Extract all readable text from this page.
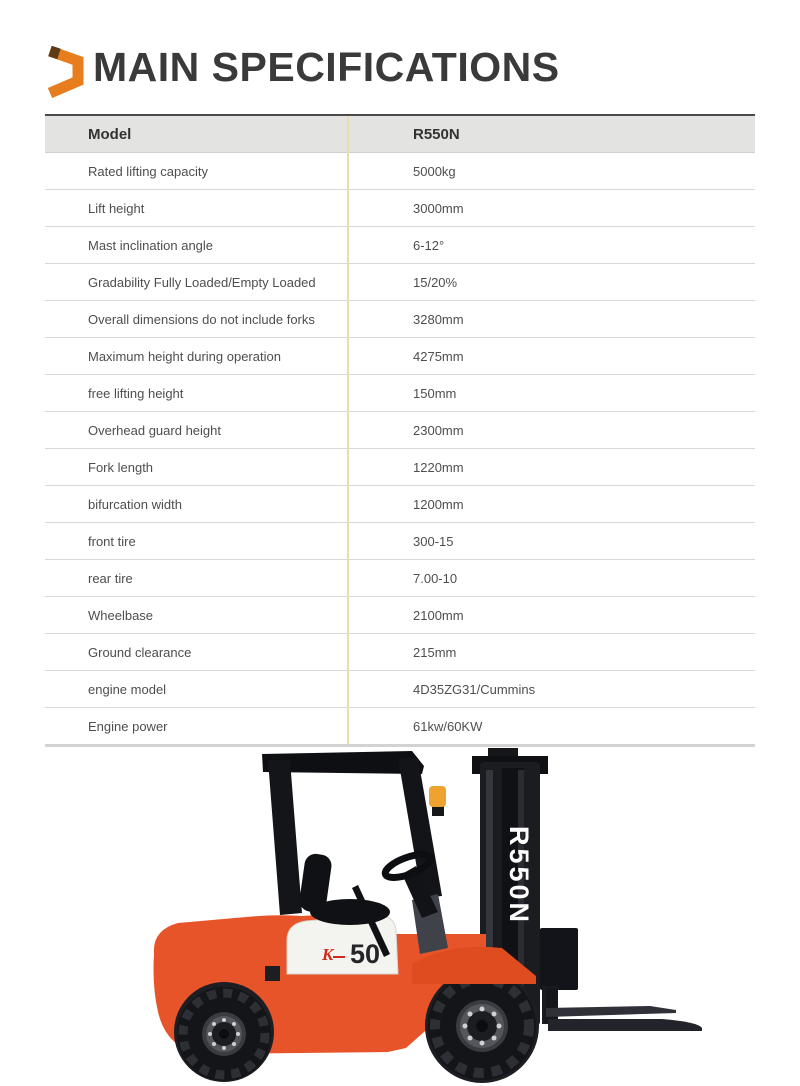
MAIN SPECIFICATIONS
Model	R550N
Rated lifting capacity	5000kg
Lift height	3000mm
Mast inclination angle	6-12°
Gradability Fully Loaded/Empty Loaded	15/20%
Overall dimensions do not include forks	3280mm
Maximum height during operation	4275mm
free lifting height	150mm
Overhead guard height	2300mm
Fork length	1220mm
bifurcation width	1200mm
front tire	300-15
rear tire	7.00-10
Wheelbase	2100mm
Ground clearance	215mm
engine model	4D35ZG31/Cummins
Engine power	61kw/60KW
R550N
K 50
